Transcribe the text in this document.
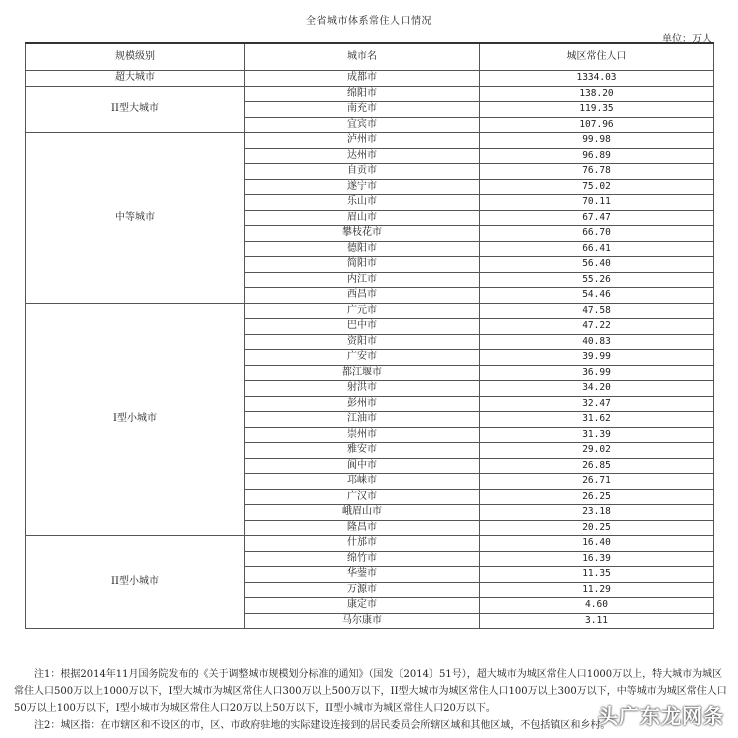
全省城市体系常住人口情况
单位：万人
规模级别	城市名	城区常住人口
超大城市	成都市	1334.03
II型大城市	绵阳市	138.20
	南充市	119.35
	宜宾市	107.96
中等城市	泸州市	99.98
	达州市	96.89
	自贡市	76.78
	遂宁市	75.02
	乐山市	70.11
	眉山市	67.47
	攀枝花市	66.70
	德阳市	66.41
	简阳市	56.40
	内江市	55.26
	西昌市	54.46
I型小城市	广元市	47.58
	巴中市	47.22
	资阳市	40.83
	广安市	39.99
	都江堰市	36.99
	射洪市	34.20
	彭州市	32.47
	江油市	31.62
	崇州市	31.39
	雅安市	29.02
	阆中市	26.85
	邛崃市	26.71
	广汉市	26.25
	峨眉山市	23.18
	隆昌市	20.25
II型小城市	什邡市	16.40
	绵竹市	16.39
	华蓥市	11.35
	万源市	11.29
	康定市	4.60
	马尔康市	3.11

注1：根据2014年11月国务院发布的《关于调整城市规模划分标准的通知》（国发〔2014〕51号），超大城市为城区常住人口1000万以上，特大城市为城区常住人口500万以上1000万以下，I型大城市为城区常住人口300万以上500万以下，II型大城市为城区常住人口100万以上300万以下，中等城市为城区常住人口50万以上100万以下，I型小城市为城区常住人口20万以上50万以下，II型小城市为城区常住人口20万以下。

注2：城区指：在市辖区和不设区的市，区、市政府驻地的实际建设连接到的居民委员会所辖区域和其他区域，不包括镇区和乡村。

头广东龙网条
